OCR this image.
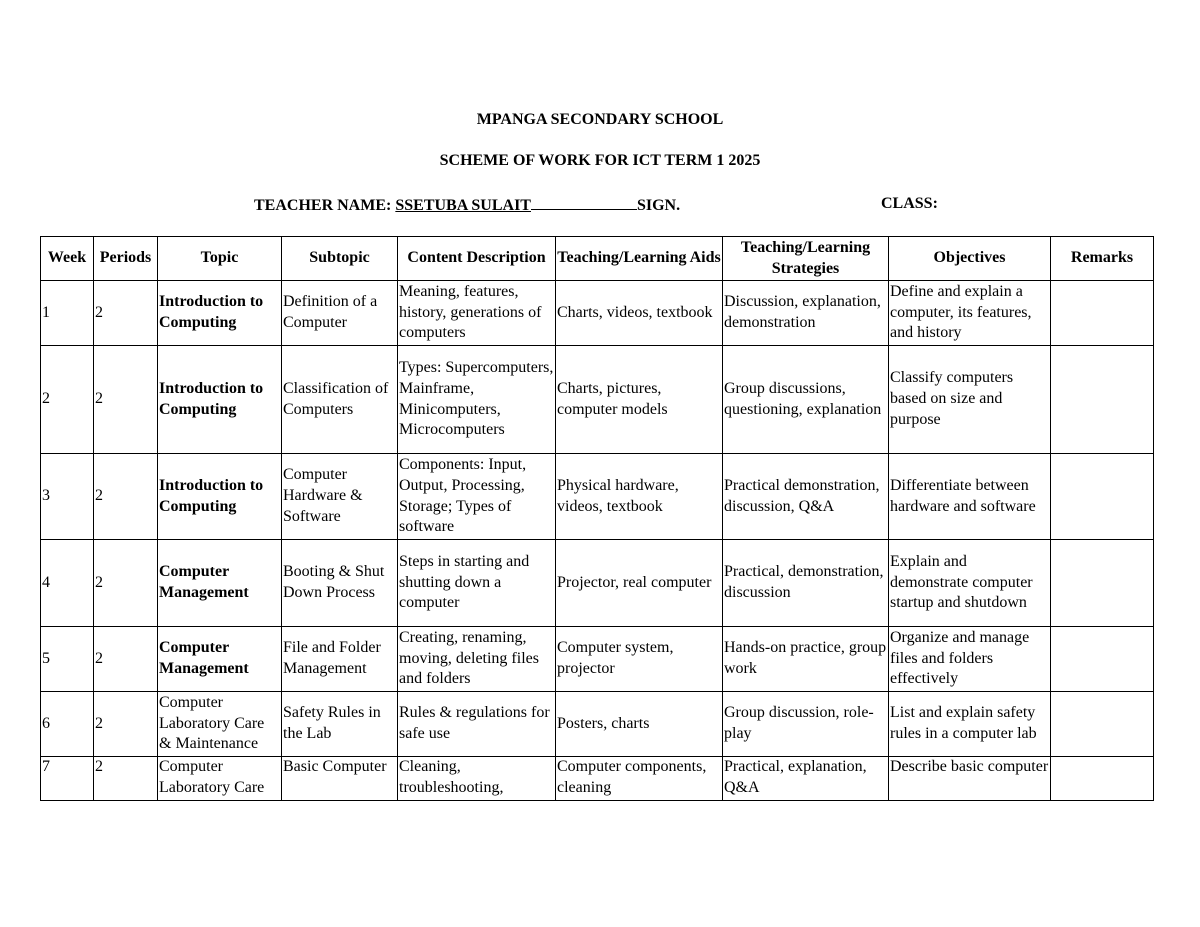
MPANGA SECONDARY SCHOOL
SCHEME OF WORK FOR ICT TERM 1 2025
TEACHER NAME: SSETUBA SULAIT	SIGN.	CLASS:
Week	Periods	Topic	Subtopic	Content Description	Teaching/Learning Aids	Teaching/Learning Strategies	Objectives	Remarks
1	2	Introduction to Computing	Definition of a Computer	Meaning, features, history, generations of computers	Charts, videos, textbook	Discussion, explanation, demonstration	Define and explain a computer, its features, and history	
2	2	Introduction to Computing	Classification of Computers	Types: Supercomputers, Mainframe, Minicomputers, Microcomputers	Charts, pictures, computer models	Group discussions, questioning, explanation	Classify computers based on size and purpose	
3	2	Introduction to Computing	Computer Hardware & Software	Components: Input, Output, Processing, Storage; Types of software	Physical hardware, videos, textbook	Practical demonstration, discussion, Q&A	Differentiate between hardware and software	
4	2	Computer Management	Booting & Shut Down Process	Steps in starting and shutting down a computer	Projector, real computer	Practical, demonstration, discussion	Explain and demonstrate computer startup and shutdown	
5	2	Computer Management	File and Folder Management	Creating, renaming, moving, deleting files and folders	Computer system, projector	Hands-on practice, group work	Organize and manage files and folders effectively	
6	2	Computer Laboratory Care & Maintenance	Safety Rules in the Lab	Rules & regulations for safe use	Posters, charts	Group discussion, role-play	List and explain safety rules in a computer lab	
7	2	Computer Laboratory Care	Basic Computer	Cleaning, troubleshooting,	Computer components, cleaning	Practical, explanation, Q&A	Describe basic computer	
